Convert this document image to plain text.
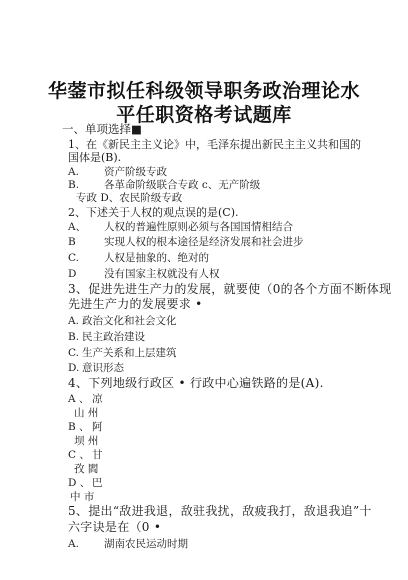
华蓥市拟任科级领导职务政治理论水
平任职资格考试题库
一、单项选择■
1、在《新民主主义论》中，毛泽东提出新民主主义共和国的
国体是(B).
A. 资产阶级专政
B. 各革命阶级联合专政 c、无产阶级
专政 D、农民阶级专政
2、下述关于人权的观点误的是(C).
A、 人权的普遍性原则必须与各国国情相结合
B	实现人权的根本途径是经济发展和社会进步
C. 人权是抽象的、绝对的
D	没有国家主权就没有人权
3、促进先进生产力的发展，就要使（0的各个方面不断体现
先进生产力的发展要求 •
A. 政治文化和社会文化
B. 民主政治建设
C. 生产关系和上层建筑
D. 意识形态
4、下列地级行政区 • 行政中心遍铁路的是(A).
A 、 凉
山 州
B 、 阿
坝 州
C 、 甘
孜 閻
D 、 巴
中 市
5、提出“敌进我退，敌驻我扰，敌疲我打，敌退我追”十
六字诀是在（0 •
A. 湖南农民运动时期
